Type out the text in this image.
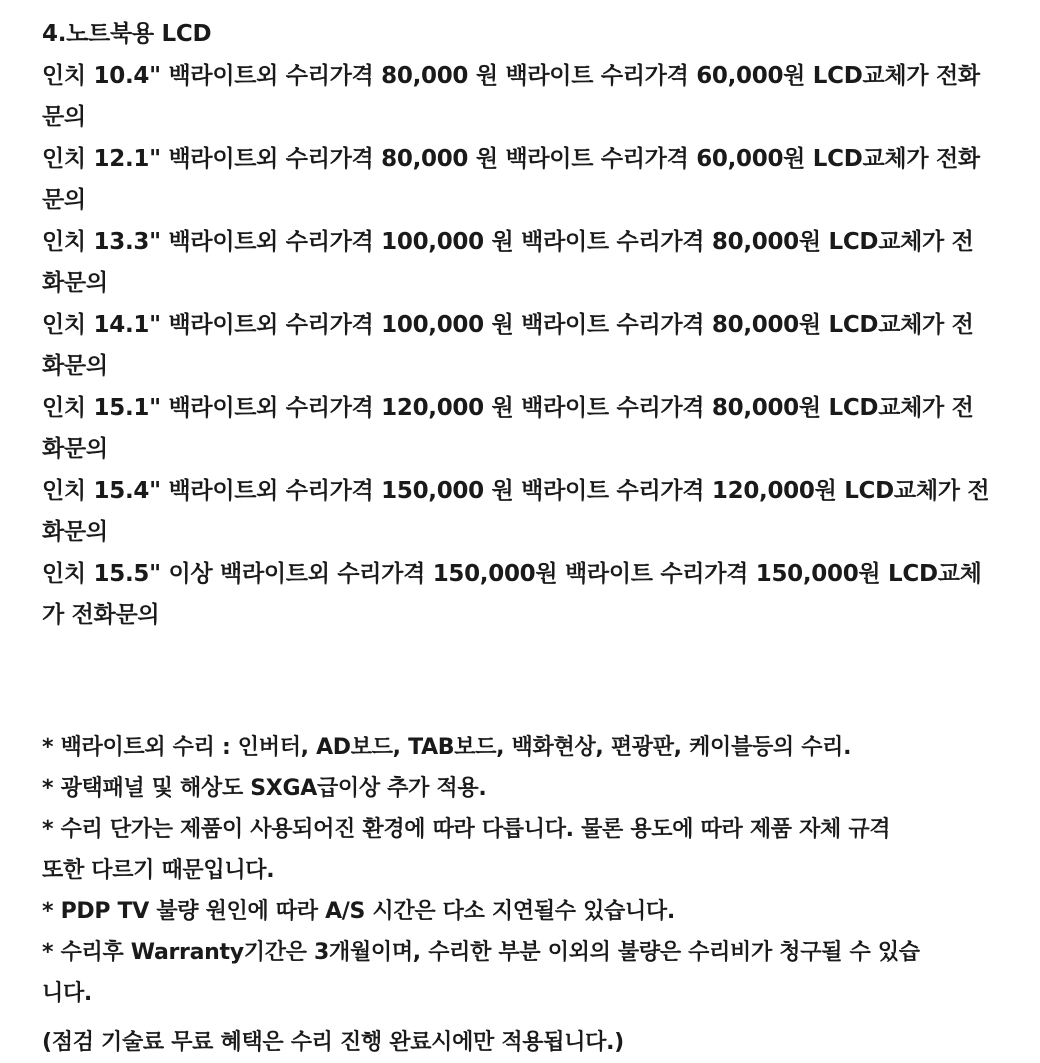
4.노트북용 LCD
인치 10.4" 백라이트외 수리가격 80,000 원 백라이트 수리가격 60,000원 LCD교체가 전화
문의
인치 12.1" 백라이트외 수리가격 80,000 원 백라이트 수리가격 60,000원 LCD교체가 전화
문의
인치 13.3" 백라이트외 수리가격 100,000 원 백라이트 수리가격 80,000원 LCD교체가 전
화문의
인치 14.1" 백라이트외 수리가격 100,000 원 백라이트 수리가격 80,000원 LCD교체가 전
화문의
인치 15.1" 백라이트외 수리가격 120,000 원 백라이트 수리가격 80,000원 LCD교체가 전
화문의
인치 15.4" 백라이트외 수리가격 150,000 원 백라이트 수리가격 120,000원 LCD교체가 전
화문의
인치 15.5" 이상 백라이트외 수리가격 150,000원 백라이트 수리가격 150,000원 LCD교체
가 전화문의
* 백라이트외 수리 : 인버터, AD보드, TAB보드, 백화현상, 편광판, 케이블등의 수리.
* 광택패널 및 해상도 SXGA급이상 추가 적용.
* 수리 단가는 제품이 사용되어진 환경에 따라 다릅니다. 물론 용도에 따라 제품 자체 규격
또한 다르기 때문입니다.
* PDP TV 불량 원인에 따라 A/S 시간은 다소 지연될수 있습니다.
* 수리후 Warranty기간은 3개월이며, 수리한 부분 이외의 불량은 수리비가 청구될 수 있습
니다.
(점검 기술료 무료 혜택은 수리 진행 완료시에만 적용됩니다.)
